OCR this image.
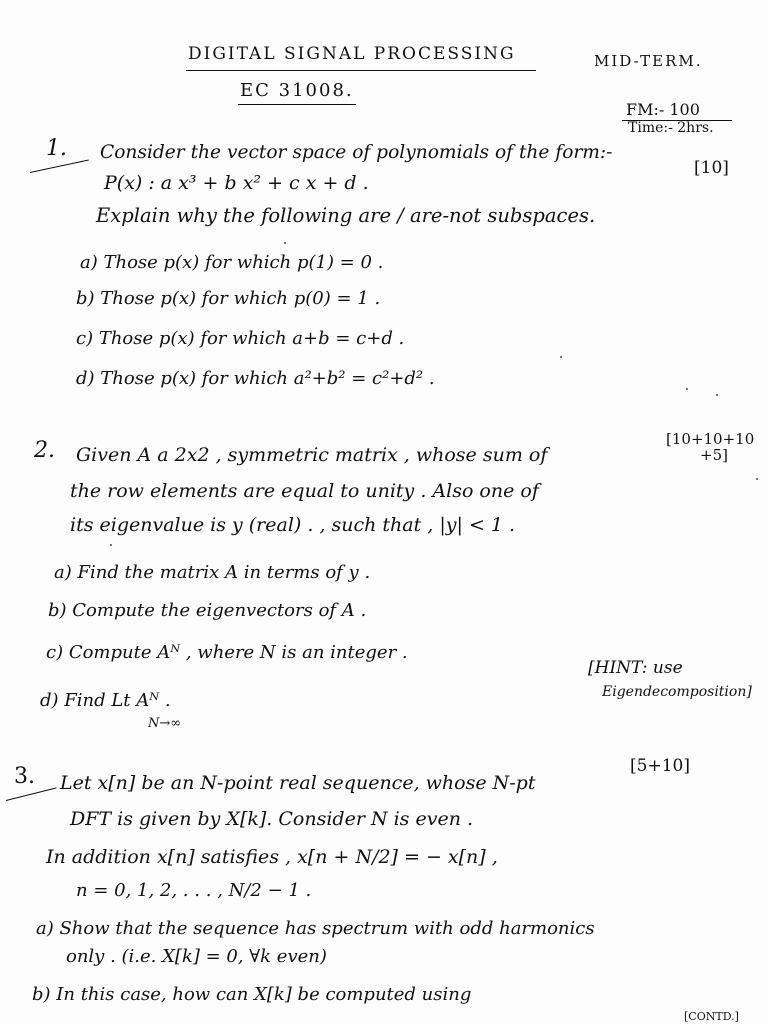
DIGITAL SIGNAL PROCESSING	MID-TERM.
EC 31008.
FM:- 100
Time:- 2hrs.
1. Consider the vector space of polynomials of the form:-
[10]
P(x) : a x³ + b x² + c x + d .
Explain why the following are / are-not subspaces.
a) Those p(x) for which p(1) = 0 .
b) Those p(x) for which p(0) = 1 .
c) Those p(x) for which a+b = c+d .
d) Those p(x) for which a²+b² = c²+d² .
[10+10+10
+5]
2. Given A a 2x2 , symmetric matrix , whose sum of
the row elements are equal to unity . Also one of
its eigenvalue is y (real) . , such that , |y| < 1 .
a) Find the matrix A in terms of y .
b) Compute the eigenvectors of A .
c) Compute Aᴺ , where N is an integer .
[HINT: use
Eigendecomposition]
d) Find Lt Aᴺ .
N→∞
[5+10]
3. Let x[n] be an N-point real sequence, whose N-pt
DFT is given by X[k]. Consider N is even .
In addition x[n] satisfies , x[n + N/2] = − x[n] ,
n = 0, 1, 2, . . . , N/2 − 1 .
a) Show that the sequence has spectrum with odd harmonics
only . (i.e. X[k] = 0, ∀k even)
b) In this case, how can X[k] be computed using
[CONTD.]
